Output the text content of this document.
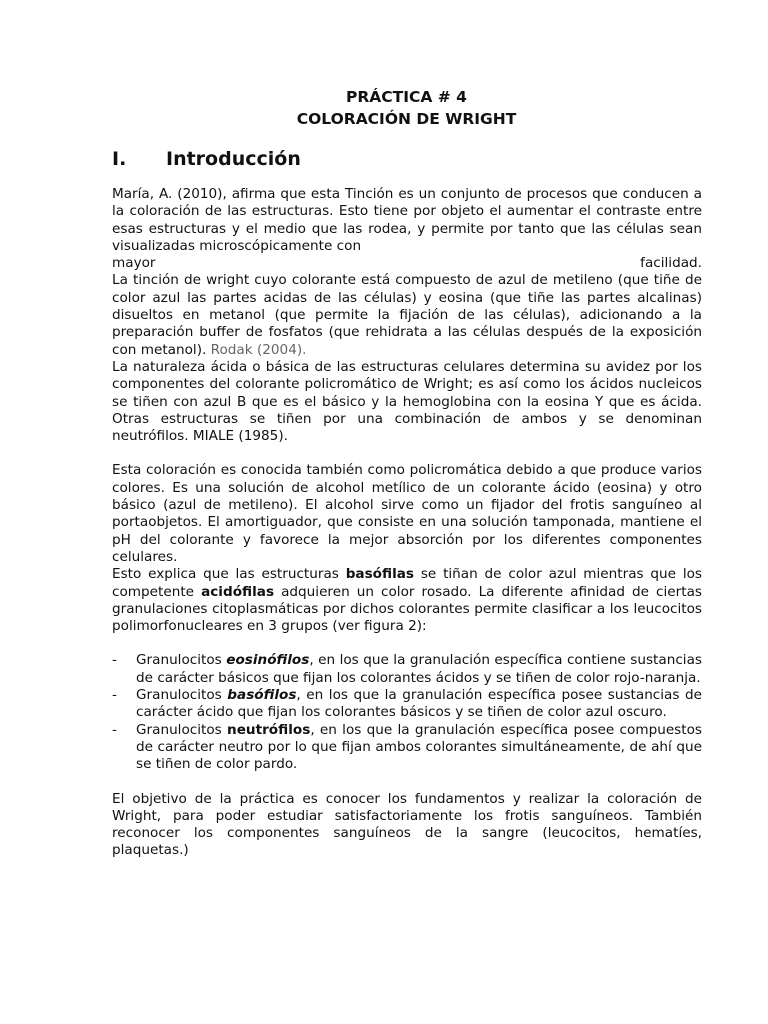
PRÁCTICA # 4
COLORACIÓN DE WRIGHT
I. Introducción

María, A. (2010), afirma que esta Tinción es un conjunto de procesos que conducen a la coloración de las estructuras. Esto tiene por objeto el aumentar el contraste entre esas estructuras y el medio que las rodea, y permite por tanto que las células sean visualizadas microscópicamente con

mayor	facilidad.

La tinción de wright cuyo colorante está compuesto de azul de metileno (que tiñe de color azul las partes acidas de las células) y eosina (que tiñe las partes alcalinas) disueltos en metanol (que permite la fijación de las células), adicionando a la preparación buffer de fosfatos (que rehidrata a las células después de la exposición con metanol). Rodak (2004).

La naturaleza ácida o básica de las estructuras celulares determina su avidez por los componentes del colorante policromático de Wright; es así como los ácidos nucleicos se tiñen con azul B que es el básico y la hemoglobina con la eosina Y que es ácida. Otras estructuras se tiñen por una combinación de ambos y se denominan neutrófilos. MIALE (1985).

Esta coloración es conocida también como policromática debido a que produce varios colores. Es una solución de alcohol metílico de un colorante ácido (eosina) y otro básico (azul de metileno). El alcohol sirve como un fijador del frotis sanguíneo al portaobjetos. El amortiguador, que consiste en una solución tamponada, mantiene el pH del colorante y favorece la mejor absorción por los diferentes componentes celulares.

Esto explica que las estructuras basófilas se tiñan de color azul mientras que los competente acidófilas adquieren un color rosado. La diferente afinidad de ciertas granulaciones citoplasmáticas por dichos colorantes permite clasificar a los leucocitos polimorfonucleares en 3 grupos (ver figura 2):

- Granulocitos eosinófilos, en los que la granulación específica contiene sustancias de carácter básicos que fijan los colorantes ácidos y se tiñen de color rojo-naranja.
- Granulocitos basófilos, en los que la granulación específica posee sustancias de carácter ácido que fijan los colorantes básicos y se tiñen de color azul oscuro.
- Granulocitos neutrófilos, en los que la granulación específica posee compuestos de carácter neutro por lo que fijan ambos colorantes simultáneamente, de ahí que se tiñen de color pardo.

El objetivo de la práctica es conocer los fundamentos y realizar la coloración de Wright, para poder estudiar satisfactoriamente los frotis sanguíneos. También reconocer los componentes sanguíneos de la sangre (leucocitos, hematíes, plaquetas.)
